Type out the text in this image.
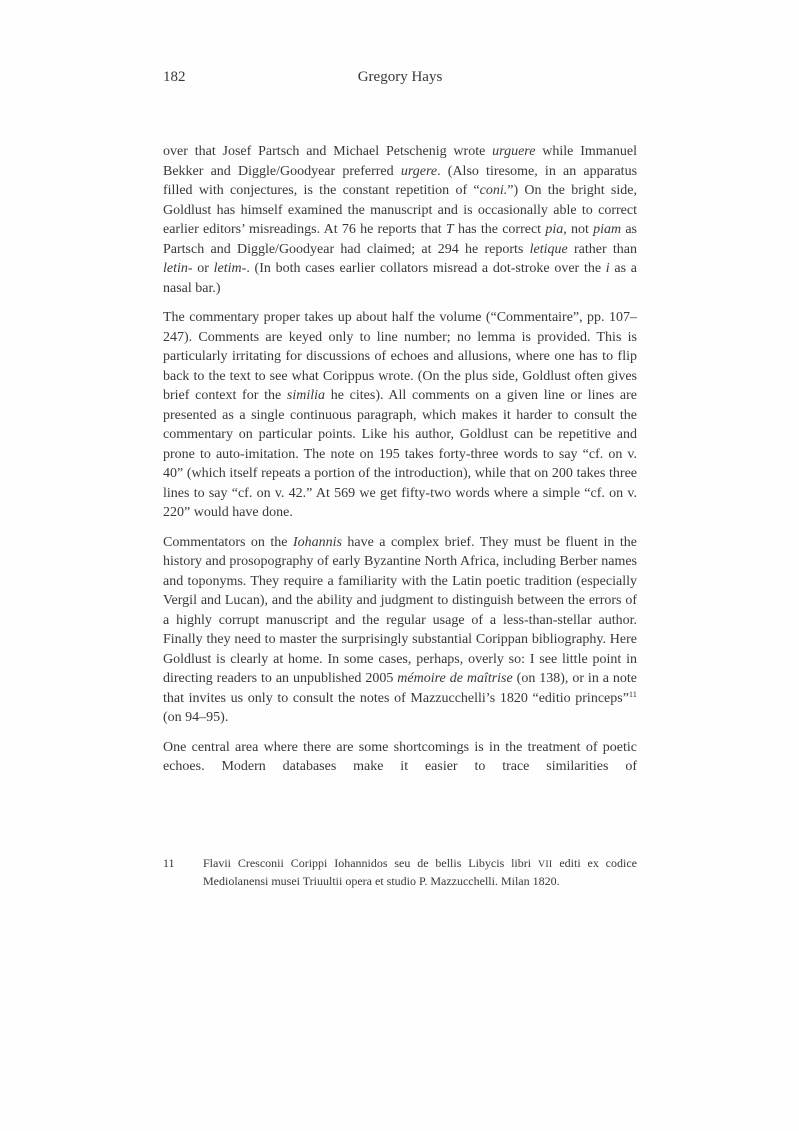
182	Gregory Hays

over that Josef Partsch and Michael Petschenig wrote urguere while Immanuel Bekker and Diggle/Goodyear preferred urgere. (Also tiresome, in an apparatus filled with conjectures, is the constant repetition of “coni.”) On the bright side, Goldlust has himself examined the manuscript and is occasionally able to correct earlier editors’ misreadings. At 76 he reports that T has the correct pia, not piam as Partsch and Diggle/Goodyear had claimed; at 294 he reports letique rather than letin- or letim-. (In both cases earlier collators misread a dot-stroke over the i as a nasal bar.)

The commentary proper takes up about half the volume (“Commentaire”, pp. 107–247). Comments are keyed only to line number; no lemma is provided. This is particularly irritating for discussions of echoes and allusions, where one has to flip back to the text to see what Corippus wrote. (On the plus side, Goldlust often gives brief context for the similia he cites). All comments on a given line or lines are presented as a single continuous paragraph, which makes it harder to consult the commentary on particular points. Like his author, Goldlust can be repetitive and prone to auto-imitation. The note on 195 takes forty-three words to say “cf. on v. 40” (which itself repeats a portion of the introduction), while that on 200 takes three lines to say “cf. on v. 42.” At 569 we get fifty-two words where a simple “cf. on v. 220” would have done.

Commentators on the Iohannis have a complex brief. They must be fluent in the history and prosopography of early Byzantine North Africa, including Berber names and toponyms. They require a familiarity with the Latin poetic tradition (especially Vergil and Lucan), and the ability and judgment to distinguish between the errors of a highly corrupt manuscript and the regular usage of a less-than-stellar author. Finally they need to master the surprisingly substantial Corippan bibliography. Here Goldlust is clearly at home. In some cases, perhaps, overly so: I see little point in directing readers to an unpublished 2005 mémoire de maîtrise (on 138), or in a note that invites us only to consult the notes of Mazzucchelli’s 1820 “editio princeps”$^{11}$ (on 94–95).

One central area where there are some shortcomings is in the treatment of poetic echoes. Modern databases make it easier to trace similarities of

11	Flavii Cresconii Corippi Iohannidos seu de bellis Libycis libri VII editi ex codice Mediolanensi musei Triuultii opera et studio P. Mazzucchelli. Milan 1820.
